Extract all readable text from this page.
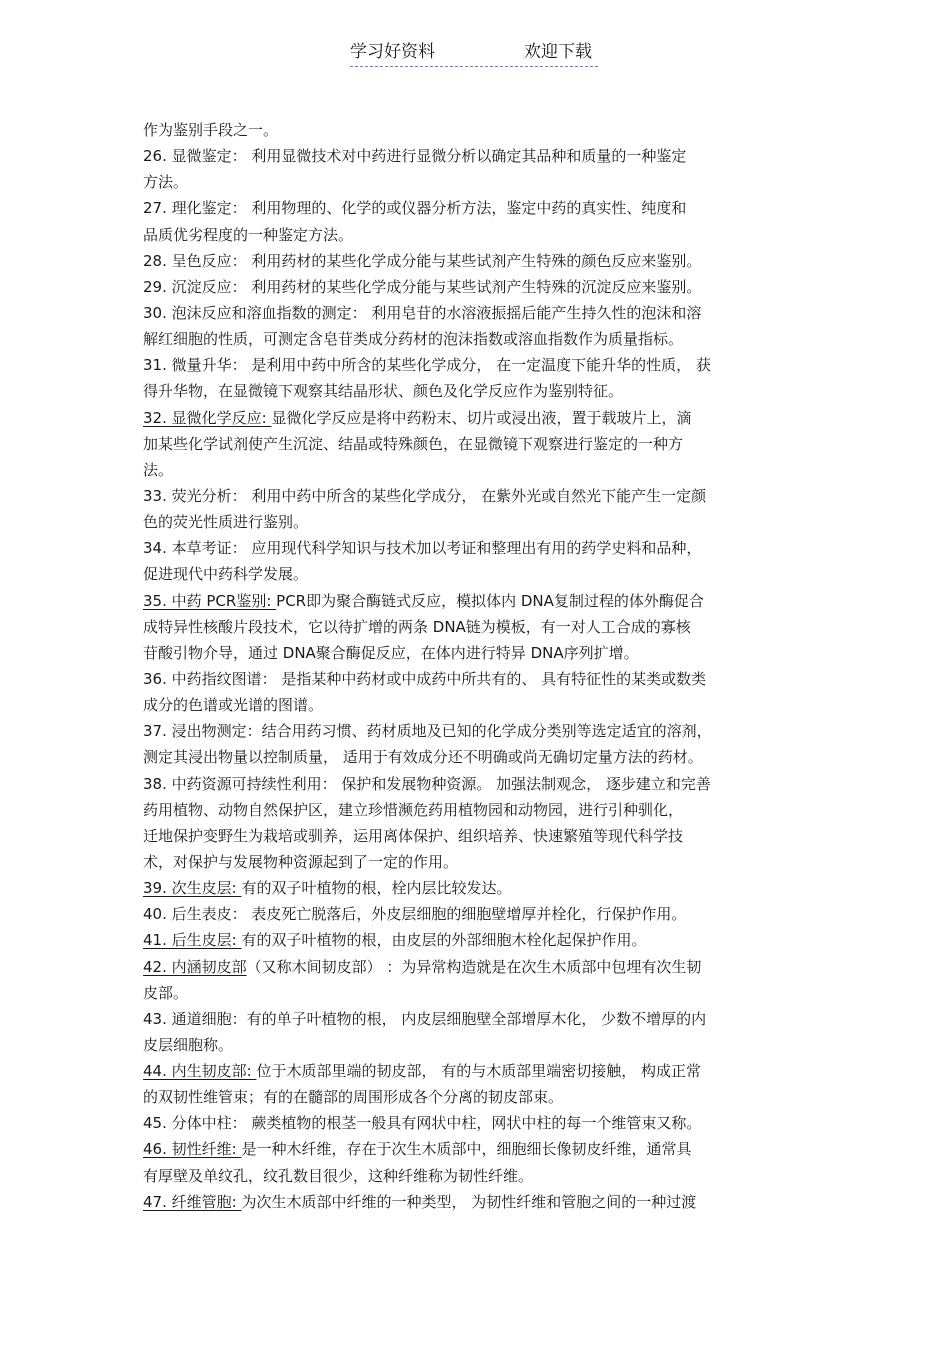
学习好资料	欢迎下载
作为鉴别手段之一。
26. 显微鉴定： 利用显微技术对中药进行显微分析以确定其品种和质量的一种鉴定
方法。
27. 理化鉴定： 利用物理的、化学的或仪器分析方法，鉴定中药的真实性、纯度和
品质优劣程度的一种鉴定方法。
28. 呈色反应： 利用药材的某些化学成分能与某些试剂产生特殊的颜色反应来鉴别。
29. 沉淀反应： 利用药材的某些化学成分能与某些试剂产生特殊的沉淀反应来鉴别。
30. 泡沫反应和溶血指数的测定： 利用皂苷的水溶液振摇后能产生持久性的泡沫和溶
解红细胞的性质，可测定含皂苷类成分药材的泡沫指数或溶血指数作为质量指标。
31. 微量升华： 是利用中药中所含的某些化学成分， 在一定温度下能升华的性质， 获
得升华物，在显微镜下观察其结晶形状、颜色及化学反应作为鉴别特征。
32. 显微化学反应: 显微化学反应是将中药粉末、切片或浸出液，置于载玻片上，滴
加某些化学试剂使产生沉淀、结晶或特殊颜色，在显微镜下观察进行鉴定的一种方
法。
33. 荧光分析： 利用中药中所含的某些化学成分， 在紫外光或自然光下能产生一定颜
色的荧光性质进行鉴别。
34. 本草考证： 应用现代科学知识与技术加以考证和整理出有用的药学史料和品种，
促进现代中药科学发展。
35. 中药 PCR鉴别: PCR即为聚合酶链式反应，模拟体内 DNA复制过程的体外酶促合
成特异性核酸片段技术，它以待扩增的两条 DNA链为模板，有一对人工合成的寡核
苷酸引物介导，通过 DNA聚合酶促反应，在体内进行特异 DNA序列扩增。
36. 中药指纹图谱： 是指某种中药材或中成药中所共有的、 具有特征性的某类或数类
成分的色谱或光谱的图谱。
37. 浸出物测定：结合用药习惯、药材质地及已知的化学成分类别等选定适宜的溶剂，
测定其浸出物量以控制质量， 适用于有效成分还不明确或尚无确切定量方法的药材。
38. 中药资源可持续性利用： 保护和发展物种资源。 加强法制观念， 逐步建立和完善
药用植物、动物自然保护区，建立珍惜濒危药用植物园和动物园，进行引种驯化，
迁地保护变野生为栽培或驯养，运用离体保护、组织培养、快速繁殖等现代科学技
术，对保护与发展物种资源起到了一定的作用。
39. 次生皮层: 有的双子叶植物的根，栓内层比较发达。
40. 后生表皮： 表皮死亡脱落后，外皮层细胞的细胞壁增厚并栓化，行保护作用。
41. 后生皮层: 有的双子叶植物的根，由皮层的外部细胞木栓化起保护作用。
42. 内涵韧皮部（又称木间韧皮部） ：为异常构造就是在次生木质部中包埋有次生韧
皮部。
43. 通道细胞：有的单子叶植物的根， 内皮层细胞壁全部增厚木化， 少数不增厚的内
皮层细胞称。
44. 内生韧皮部: 位于木质部里端的韧皮部， 有的与木质部里端密切接触， 构成正常
的双韧性维管束；有的在髓部的周围形成各个分离的韧皮部束。
45. 分体中柱： 蕨类植物的根茎一般具有网状中柱，网状中柱的每一个维管束又称。
46. 韧性纤维: 是一种木纤维，存在于次生木质部中，细胞细长像韧皮纤维，通常具
有厚壁及单纹孔，纹孔数目很少，这种纤维称为韧性纤维。
47. 纤维管胞: 为次生木质部中纤维的一种类型， 为韧性纤维和管胞之间的一种过渡
